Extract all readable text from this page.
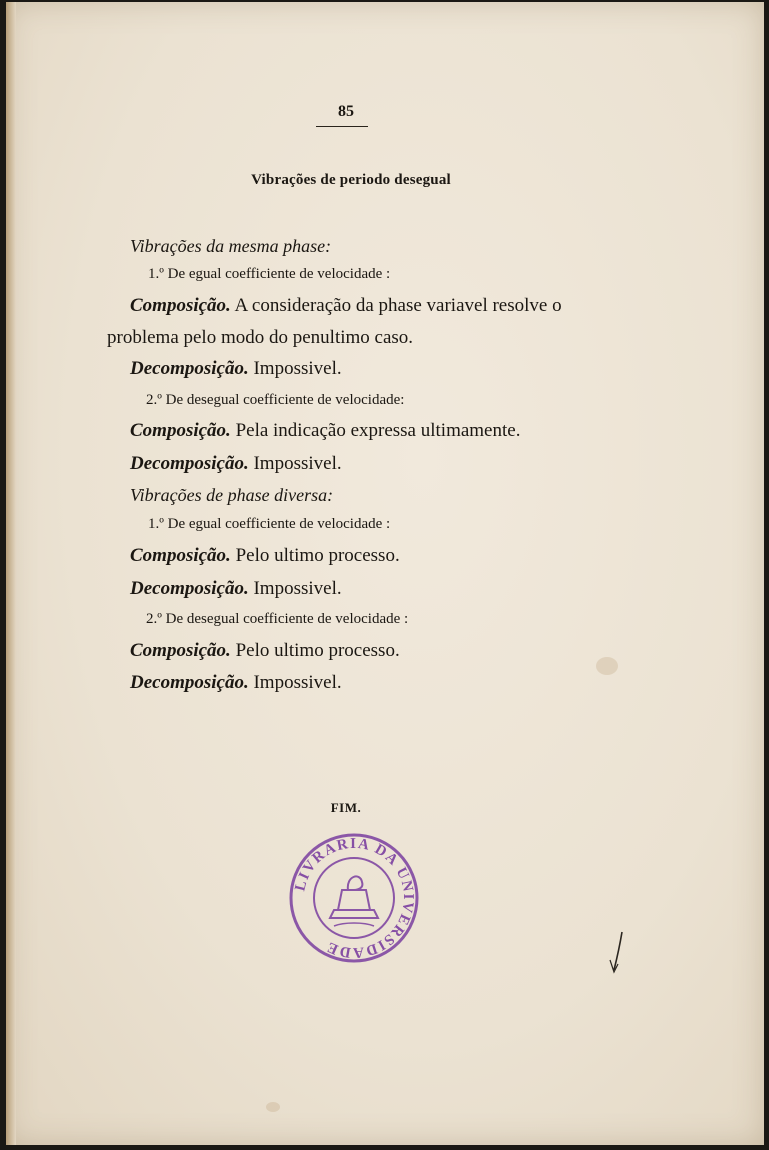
85
Vibrações de periodo desegual
Vibrações da mesma phase:
1.º De egual coefficiente de velocidade :
Composição. A consideração da phase variavel resolve o
problema pelo modo do penultimo caso.
Decomposição. Impossivel.
2.º De desegual coefficiente de velocidade:
Composição. Pela indicação expressa ultimamente.
Decomposição. Impossivel.
Vibrações de phase diversa:
1.º De egual coefficiente de velocidade :
Composição. Pelo ultimo processo.
Decomposição. Impossivel.
2.º De desegual coefficiente de velocidade :
Composição. Pelo ultimo processo.
Decomposição. Impossivel.
FIM.
LIVRARIA DA UNIVERSIDADE
